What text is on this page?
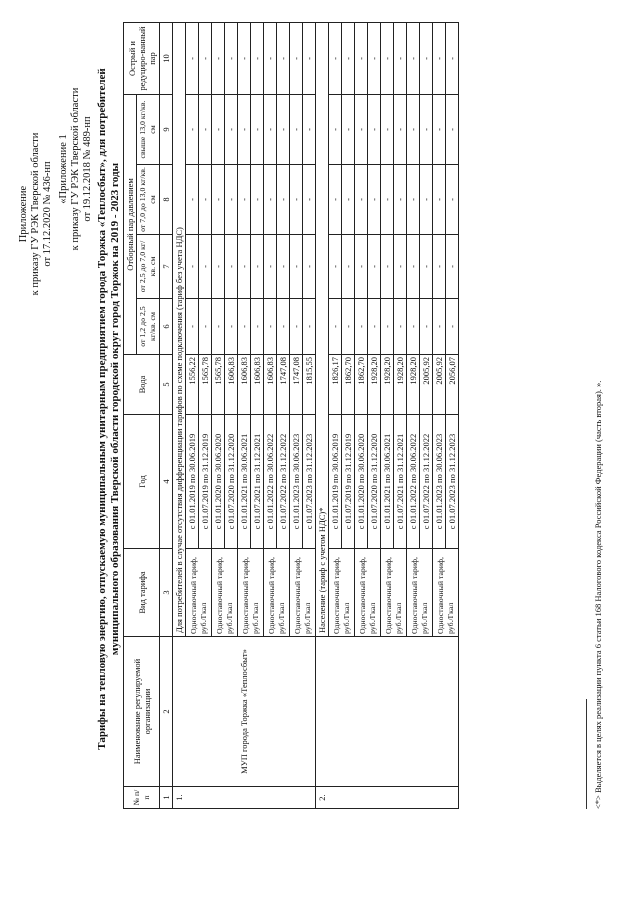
Приложение к приказу ГУ РЭК Тверской области от 17.12.2020 № 436-нп «Приложение 1 к приказу ГУ РЭК Тверской области от 19.12.2018 № 489-нп Тарифы на тепловую энергию, отпускаемую муниципальным унитарным предприятием города Торжка «Теплосбыт», для потребителей муниципального образования Тверской области городской округ город Торжок на 2019 - 2023 годы
№ п/ п	Наименование регулируемой организации	Вид тарифа	Год	Вода	Отборный пар давлением				Острый и редуциро-ванный пар
					от 1,2 до 2,5 кг/кв. см	от 2,5 до 7,0 кг/кв. см	от 7,0 до 13,0 кг/кв. см	свыше 13,0 кг/кв. см	
1	2	3	4	5	6	7	8	9	10
1.	МУП города Торжка «Теплосбыт»	Для потребителей в случае отсутствия дифференциации тарифов по схеме подключения (тариф без учета НДС)							
		Одноставочный тариф, руб./Гкал	с 01.01.2019 по 30.06.2019	1556,22	-	-	-	-	-
			с 01.07.2019 по 31.12.2019	1565,78	-	-	-	-	-
		Одноставочный тариф, руб./Гкал	с 01.01.2020 по 30.06.2020	1565,78	-	-	-	-	-
			с 01.07.2020 по 31.12.2020	1606,83	-	-	-	-	-
		Одноставочный тариф, руб./Гкал	с 01.01.2021 по 30.06.2021	1606,83	-	-	-	-	-
			с 01.07.2021 по 31.12.2021	1606,83	-	-	-	-	-
		Одноставочный тариф, руб./Гкал	с 01.01.2022 по 30.06.2022	1606,83	-	-	-	-	-
			с 01.07.2022 по 31.12.2022	1747,08	-	-	-	-	-
		Одноставочный тариф, руб./Гкал	с 01.01.2023 по 30.06.2023	1747,08	-	-	-	-	-
			с 01.07.2023 по 31.12.2023	1815,55	-	-	-	-	-
2.		Население (тариф с учетом НДС)*							
		Одноставочный тариф, руб./Гкал	с 01.01.2019 по 30.06.2019	1826,17	-	-	-	-	-
			с 01.07.2019 по 31.12.2019	1862,70	-	-	-	-	-
		Одноставочный тариф, руб./Гкал	с 01.01.2020 по 30.06.2020	1862,70	-	-	-	-	-
			с 01.07.2020 по 31.12.2020	1928,20	-	-	-	-	-
		Одноставочный тариф, руб./Гкал	с 01.01.2021 по 30.06.2021	1928,20	-	-	-	-	-
			с 01.07.2021 по 31.12.2021	1928,20	-	-	-	-	-
		Одноставочный тариф, руб./Гкал	с 01.01.2022 по 30.06.2022	1928,20	-	-	-	-	-
			с 01.07.2022 по 31.12.2022	2005,92	-	-	-	-	-
		Одноставочный тариф, руб./Гкал	с 01.01.2023 по 30.06.2023	2005,92	-	-	-	-	-
			с 01.07.2023 по 31.12.2023	2056,07	-	-	-	-	-
<*> Выделяется в целях реализации пункта 6 статьи 168 Налогового кодекса Российской Федерации (часть вторая). ».
